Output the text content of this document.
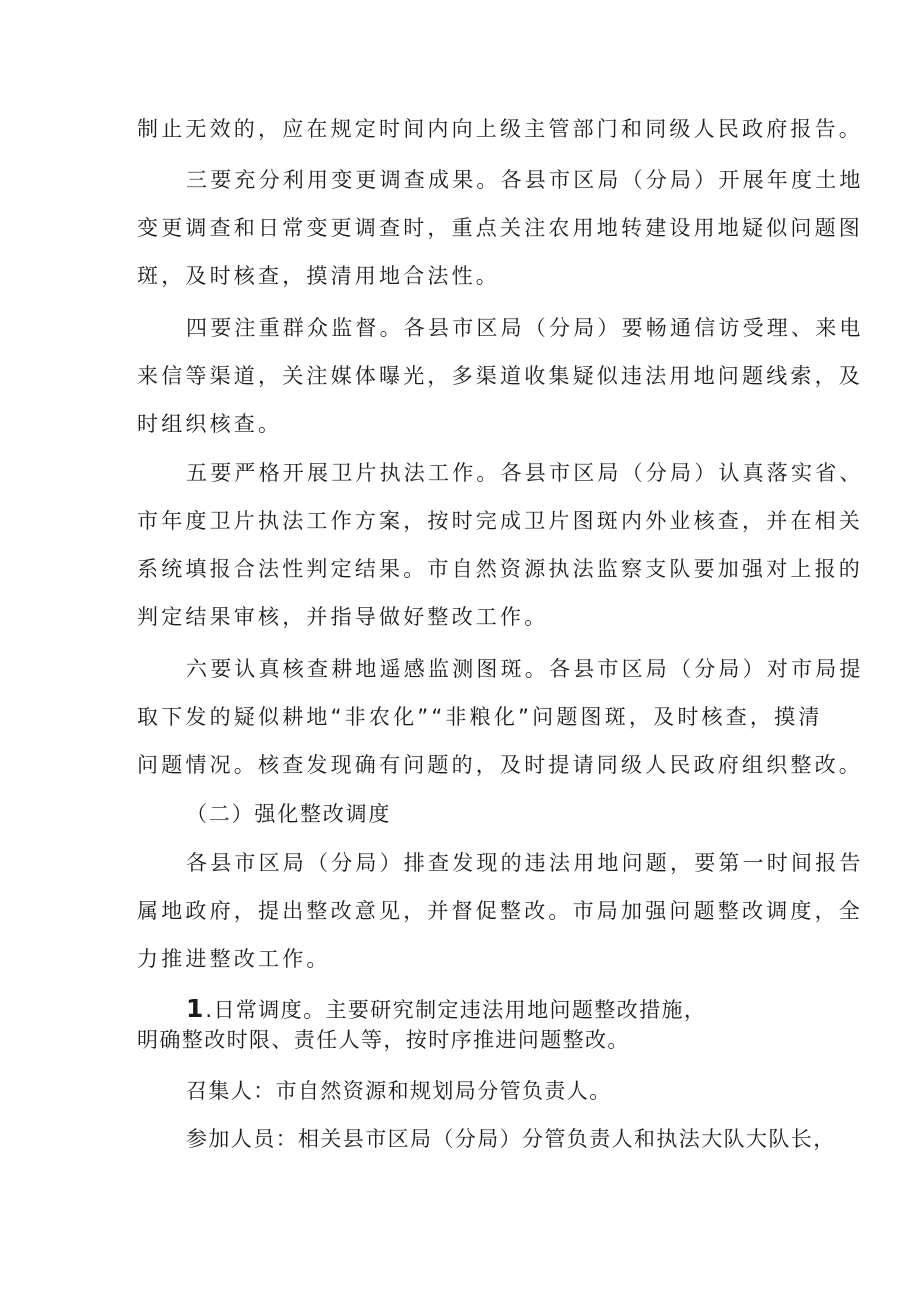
制止无效的，应在规定时间内向上级主管部门和同级人民政府报告。
三要充分利用变更调查成果。各县市区局（分局）开展年度土地
变更调查和日常变更调查时，重点关注农用地转建设用地疑似问题图
斑，及时核查，摸清用地合法性。
四要注重群众监督。各县市区局（分局）要畅通信访受理、来电
来信等渠道，关注媒体曝光，多渠道收集疑似违法用地问题线索，及
时组织核查。
五要严格开展卫片执法工作。各县市区局（分局）认真落实省、
市年度卫片执法工作方案，按时完成卫片图斑内外业核查，并在相关
系统填报合法性判定结果。市自然资源执法监察支队要加强对上报的
判定结果审核，并指导做好整改工作。
六要认真核查耕地遥感监测图斑。各县市区局（分局）对市局提
取下发的疑似耕地“非农化”“非粮化”问题图斑，及时核查，摸清
问题情况。核查发现确有问题的，及时提请同级人民政府组织整改。
（二）强化整改调度
各县市区局（分局）排查发现的违法用地问题，要第一时间报告
属地政府，提出整改意见，并督促整改。市局加强问题整改调度，全
力推进整改工作。
1.日常调度。主要研究制定违法用地问题整改措施，
明确整改时限、责任人等，按时序推进问题整改。
召集人：市自然资源和规划局分管负责人。
参加人员：相关县市区局（分局）分管负责人和执法大队大队长，
